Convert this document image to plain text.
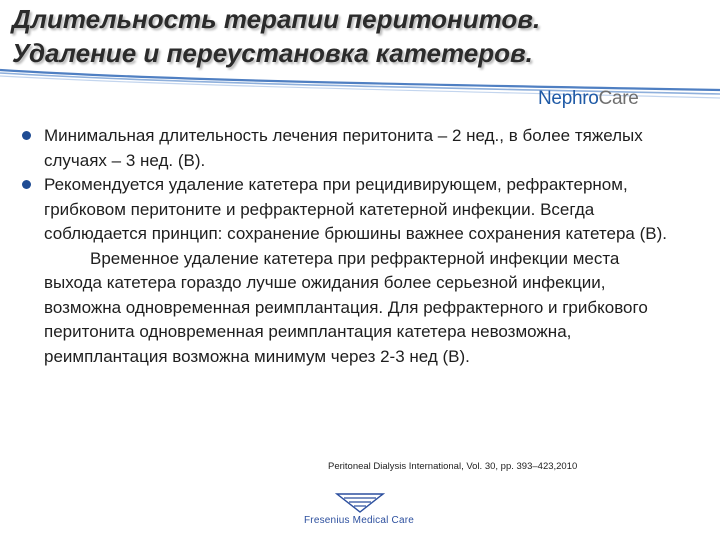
Длительность терапии перитонитов.
Удаление и переустановка катетеров.
NephroCare
Минимальная длительность лечения перитонита – 2 нед., в более тяжелых случаях – 3 нед. (B).
Рекомендуется удаление катетера при рецидивирующем, рефрактерном, грибковом перитоните и рефрактерной катетерной инфекции. Всегда соблюдается принцип: сохранение брюшины важнее сохранения катетера (B).
Временное удаление катетера при рефрактерной инфекции места выхода катетера гораздо лучше ожидания более серьезной инфекции, возможна одновременная реимплантация. Для рефрактерного и грибкового перитонита одновременная реимплантация катетера невозможна, реимплантация возможна минимум через 2-3 нед (B).
Peritoneal Dialysis International, Vol. 30, pp. 393–423,2010
Fresenius Medical Care
